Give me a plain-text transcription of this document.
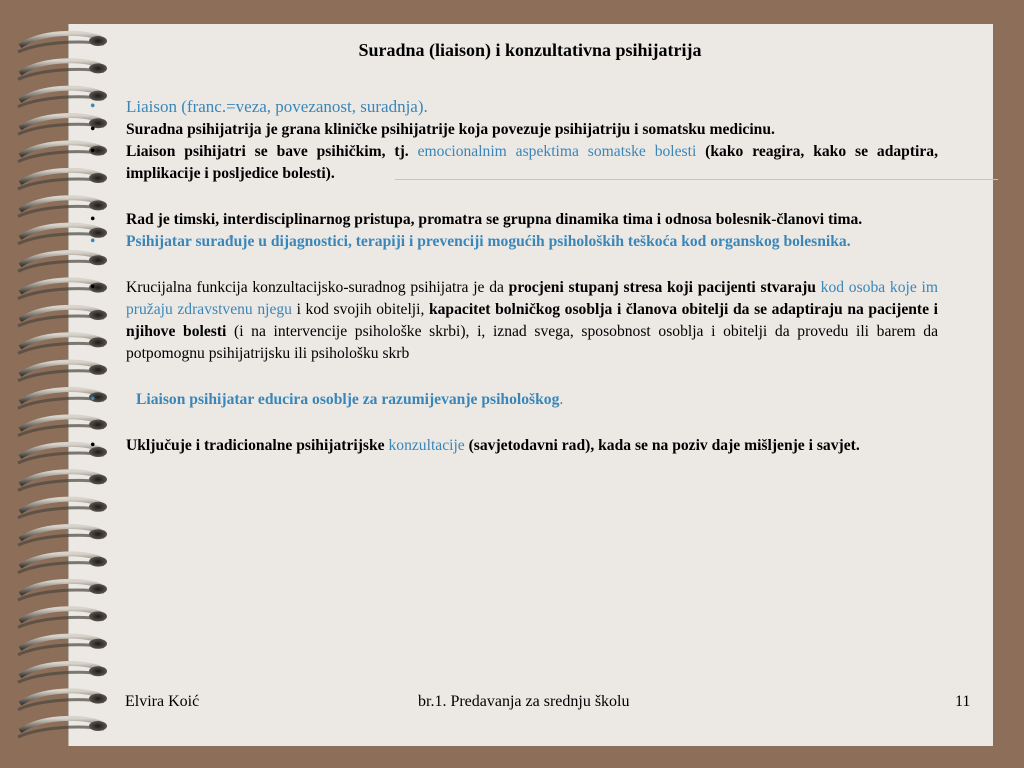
Suradna (liaison) i konzultativna psihijatrija
•	Liaison (franc.=veza, povezanost, suradnja).
•	Suradna psihijatrija je grana kliničke psihijatrije koja povezuje psihijatriju i somatsku medicinu.
•	Liaison psihijatri se bave psihičkim, tj. emocionalnim aspektima somatske bolesti (kako reagira, kako se adaptira, implikacije i posljedice bolesti).
•	Rad je timski, interdisciplinarnog pristupa, promatra se grupna dinamika tima i odnosa bolesnik-članovi tima.
•	Psihijatar surađuje u dijagnostici, terapiji i prevenciji mogućih psiholoških teškoća kod organskog bolesnika.
•	Krucijalna funkcija konzultacijsko-suradnog psihijatra je da procjeni stupanj stresa koji pacijenti stvaraju kod osoba koje im pružaju zdravstvenu njegu i kod svojih obitelji, kapacitet bolničkog osoblja i članova obitelji da se adaptiraju na pacijente i njihove bolesti (i na intervencije psihološke skrbi), i, iznad svega, sposobnost osoblja i obitelji da provedu ili barem da potpomognu psihijatrijsku ili psihološku skrb
•	Liaison psihijatar educira osoblje za razumijevanje psihološkog.
•	Uključuje i tradicionalne psihijatrijske konzultacije (savjetodavni rad), kada se na poziv daje mišljenje i savjet.
Elvira Koić	br.1. Predavanja za srednju školu	11
